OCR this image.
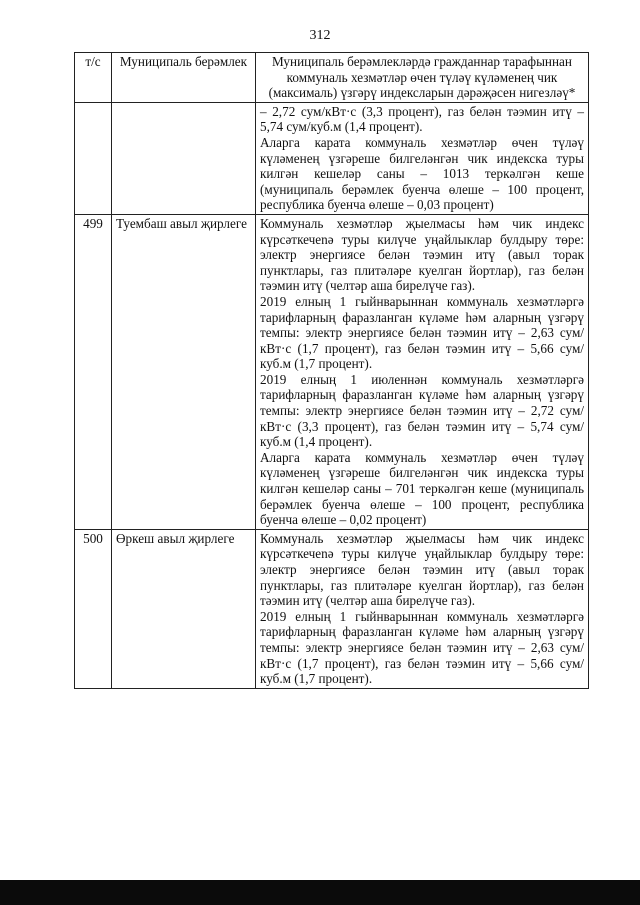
312
т/с	Муниципаль берәмлек	Муниципаль берәмлекләрдә гражданнар тарафыннан коммуналь хезмәтләр өчен түләү күләменең чик (максималь) үзгәрү индексларын дәрәҗәсен нигезләү*

		– 2,72 сум/кВт·с (3,3 процент), газ белән тәэмин итү – 5,74 сум/куб.м (1,4 процент).

Аларга карата коммуналь хезмәтләр өчен түләү күләменең үзгәреше билгеләнгән чик индекска туры килгән кешеләр саны – 1013 теркәлгән кеше (муниципаль берәмлек буенча өлеше – 100 процент, республика буенча өлеше – 0,03 процент)

499	Туембаш авыл җирлеге	Коммуналь хезмәтләр җыелмасы һәм чик индекс күрсәткечenә туры килүче уңайлыклар булдыру төре: электр энергиясе белән тәэмин итү (авыл торак пунктлары, газ плитәләре куелган йортлар), газ белән тәэмин итү (челтәр аша бирелүче газ).

2019 елның 1 гыйнварыннан коммуналь хезмәтләргә тарифларның фаразланган күләме һәм аларның үзгәрү темпы: электр энергиясе белән тәэмин итү – 2,63 сум/кВт·с (1,7 процент), газ белән тәэмин итү – 5,66 сум/куб.м (1,7 процент).

2019 елның 1 июленнән коммуналь хезмәтләргә тарифларның фаразланган күләме һәм аларның үзгәрү темпы: электр энергиясе белән тәэмин итү – 2,72 сум/кВт·с (3,3 процент), газ белән тәэмин итү – 5,74 сум/куб.м (1,4 процент).

Аларга карата коммуналь хезмәтләр өчен түләү күләменең үзгәреше билгеләнгән чик индекска туры килгән кешеләр саны – 701 теркәлгән кеше (муниципаль берәмлек буенча өлеше – 100 процент, республика буенча өлеше – 0,02 процент)

500	Өркеш авыл җирлеге	Коммуналь хезмәтләр җыелмасы һәм чик индекс күрсәткечenә туры килүче уңайлыклар булдыру төре: электр энергиясе белән тәэмин итү (авыл торак пунктлары, газ плитәләре куелган йортлар), газ белән тәэмин итү (челтәр аша бирелүче газ).

2019 елның 1 гыйнварыннан коммуналь хезмәтләргә тарифларның фаразланган күләме һәм аларның үзгәрү темпы: электр энергиясе белән тәэмин итү – 2,63 сум/кВт·с (1,7 процент), газ белән тәэмин итү – 5,66 сум/куб.м (1,7 процент).
